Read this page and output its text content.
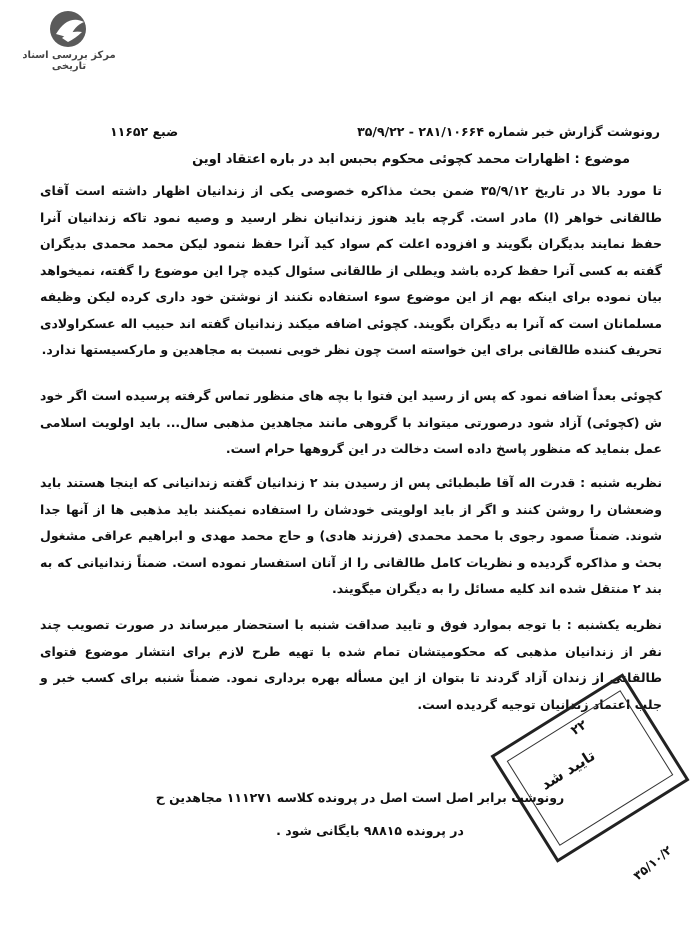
مرکز بررسی اسناد تاریخی
رونوشت گزارش خبر شماره ۲۸۱/۱۰۶۶۴ - ۳۵/۹/۲۲
ضبع ۱۱۶۵۲
موضوع : اظهارات محمد کچوئی محکوم بحبس ابد در باره اعتقاد اوین
تا مورد بالا در تاریخ ۳۵/۹/۱۲ ضمن بحث مذاکره خصوصی یکی از زندانیان اظهار داشته است آقای طالقانی خواهر (ا) مادر است. گرچه باید هنوز زندانیان نظر ارسید و وصیه نمود تاکه زندانیان آنرا حفظ نمایند بدیگران بگویند و افزوده اعلت کم سواد کید آنرا حفظ ننمود لیکن محمد محمدی بدیگران گفته به کسی آنرا حفظ کرده باشد ویطلی از طالقانی سئوال کیده چرا این موضوع را گفته، نمیخواهد بیان نموده برای اینکه بهم از این موضوع سوء استفاده نکنند از نوشتن خود داری کرده لیکن وظیفه مسلمانان است که آنرا به دیگران بگویند. کچوئی اضافه میکند زندانیان گفته اند حبیب اله عسکراولادی تحریف کننده طالقانی برای این خواسته است چون نظر خوبی نسبت به مجاهدین و مارکسیستها ندارد.
کچوئی بعداً اضافه نمود که پس از رسید این فتوا با بچه های منظور تماس گرفته پرسیده است اگر خود ش (کچوئی) آزاد شود درصورتی میتواند با گروهی مانند مجاهدین مذهبی سال... باید اولویت اسلامی عمل بنماید که منظور پاسخ داده است دخالت در این گروهها حرام است.
نظریه شنبه : قدرت اله آقا طبطبائی پس از رسیدن بند ۲ زندانیان گفته زندانیانی که اینجا هستند باید وضعشان را روشن کنند و اگر از باید اولویتی خودشان را استفاده نمیکنند باید مذهبی ها از آنها جدا شوند. ضمناً صمود رجوی با محمد محمدی (فرزند هادی) و حاج محمد مهدی و ابراهیم عراقی مشغول بحث و مذاکره گردیده و نظریات کامل طالقانی را از آنان استفسار نموده است. ضمناً زندانیانی که به بند ۲ منتقل شده اند کلیه مسائل را به دیگران میگویند.
نظریه یکشنبه : با توجه بموارد فوق و تایید صداقت شنبه با استحضار میرساند در صورت تصویب چند نفر از زندانیان مذهبی که محکومیتشان تمام شده با تهیه طرح لازم برای انتشار موضوع فتوای طالقانی از زندان آزاد گردند تا بتوان از این مسأله بهره برداری نمود. ضمناً شنبه برای کسب خبر و جلب اعتماد زندانیان توجیه گردیده است.
۲۲
تایید شد
۳۵/۱۰/۲
رونوشت برابر اصل است اصل در پرونده کلاسه ۱۱۱۲۷۱ مجاهدین ح
در پرونده ۹۸۸۱۵ بایگانی شود .
